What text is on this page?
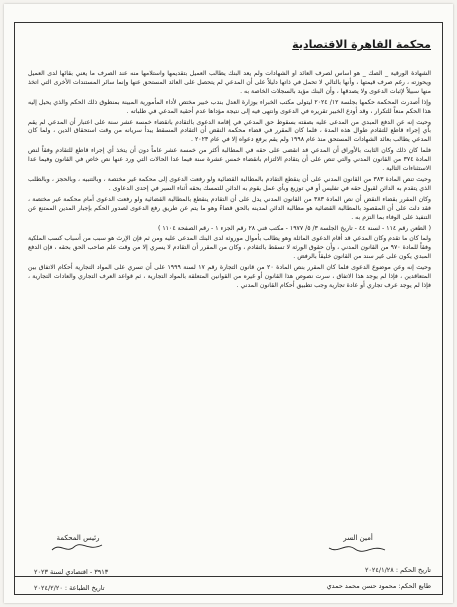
محكمة القاهرة الاقتصادية

الشهادة الورقية _ الصك _ هو أساس لصرف العائد أو الشهادات ولم يعد البنك يطالب العميل بتقديمها واستلامها منه عند الصرف ما يعني بقائها لدى العميل ويحوزته ، رغم صرف قيمتها ، وأنها بالتالي لا تحمل في ذاتها دليلاً على أن المدعي لم يتحصل على العائد المستحق عنها وإنما سائر المستندات الأخرى التي اتخذ منها سبيلاً لإثبات الدعوى ولا يصدقها ، وأن البنك مؤيد بالسجلات الخاصة به .

وإذا أصدرت المحكمة حكمها بجلسة ١٢/ ٢٠٢٤ ليتولى مكتب الخبراء بوزارة العدل بندب خبير مختص لأداء المأمورية المبينة بمنطوق ذلك الحكم والذي يحيل إليه هذا الحكم منعاً للتكرار ، وقد أودع الخبير تقريره في الدعوى وانتهى فيه إلى نتيجة مؤداها عدم أحقية المدعي في طلباته .

وحيث إنه عن الدفع المبدي من المدعى عليه بصفته بسقوط حق المدعي في إقامة الدعوى بالتقادم بانقضاء خمسة عشر سنة على اعتبار أن المدعي لم يقم بأي إجراء قاطع للتقادم طوال هذه المدة ، فلما كان المقرر في قضاء محكمة النقض أن التقادم المسقط يبدأ سريانه من وقت استحقاق الدين ، ولما كان المدعي يطالب بعائد الشهادات المستحق منذ عام ١٩٩٨ ولم يقم برفع دعواه إلا في عام ٢٠٢٣ .

فلما كان ذلك وكان الثابت بالأوراق أن المدعي قد انقضى على حقه في المطالبة أكثر من خمسة عشر عاماً دون أن يتخذ أي إجراء قاطع للتقادم وفقاً لنص المادة ٣٧٤ من القانون المدني والتي تنص على أن يتقادم الالتزام بانقضاء خمس عشرة سنة فيما عدا الحالات التي ورد عنها نص خاص في القانون وفيما عدا الاستثناءات التالية .

وحيث تنص المادة ٣٨٣ من القانون المدني على أن ينقطع التقادم بالمطالبة القضائية ولو رفعت الدعوى إلى محكمة غير مختصة ، وبالتنبيه ، وبالحجز ، وبالطلب الذي يتقدم به الدائن لقبول حقه في تفليس أو في توزيع وبأي عمل يقوم به الدائن للتمسك بحقه أثناء السير في إحدى الدعاوى .

وكان المقرر بقضاء النقض أن نص المادة ٣٨٣ من القانون المدني يدل على أن التقادم ينقطع بالمطالبة القضائية ولو رفعت الدعوى أمام محكمة غير مختصة ، فقد دلت على أن المقصود بالمطالبة القضائية هو مطالبة الدائن لمدينه بالحق قضاءً وهو ما يتم عن طريق رفع الدعوى لصدور الحكم بإجبار المدين الممتنع عن التنفيذ على الوفاء بما التزم به .

( الطعن رقم ١١٤ - لسنة ٤٤ - تاريخ الجلسة ٣/ ٥/ ١٩٧٧ - مكتب فني ٢٨ رقم الجزء ١ - رقم الصفحة ١١٠٤ )

ولما كان ما تقدم وكان المدعي قد أقام الدعوى الماثلة وهو يطالب بأموال موروثة لدى البنك المدعى عليه ومن ثم فإن الإرث هو سبب من أسباب كسب الملكية وفقاً للمادة ٩٧٠ من القانون المدني ، وأن حقوق الورثة لا تسقط بالتقادم ، وكان من المقرر أن التقادم لا يسري إلا من وقت علم صاحب الحق بحقه ، فإن الدفع المبدي يكون على غير سند من القانون خليقاً بالرفض .

وحيث إنه وعن موضوع الدعوى فلما كان المقرر بنص المادة ٢٠ من قانون التجارة رقم ١٧ لسنة ١٩٩٩ على أن تسري على المواد التجارية أحكام الاتفاق بين المتعاقدين ، فإذا لم يوجد هذا الاتفاق ، سرت نصوص هذا القانون أو غيره من القوانين المتعلقة بالمواد التجارية ، ثم قواعد العرف التجاري والعادات التجارية ، فإذا لم يوجد عرف تجاري أو عادة تجارية وجب تطبيق أحكام القانون المدني .

رئيس المحكمة	أمين السر
تاريخ الحكم : ٢٠٢٤/١/٢٨
٣٩١٣ - اقتصادي لسنة ٢٠٢٣
طابع الحكم: محمود حسن محمد حمدي
تاريخ الطباعة : ٢٠٢٤/٢/٢٠
